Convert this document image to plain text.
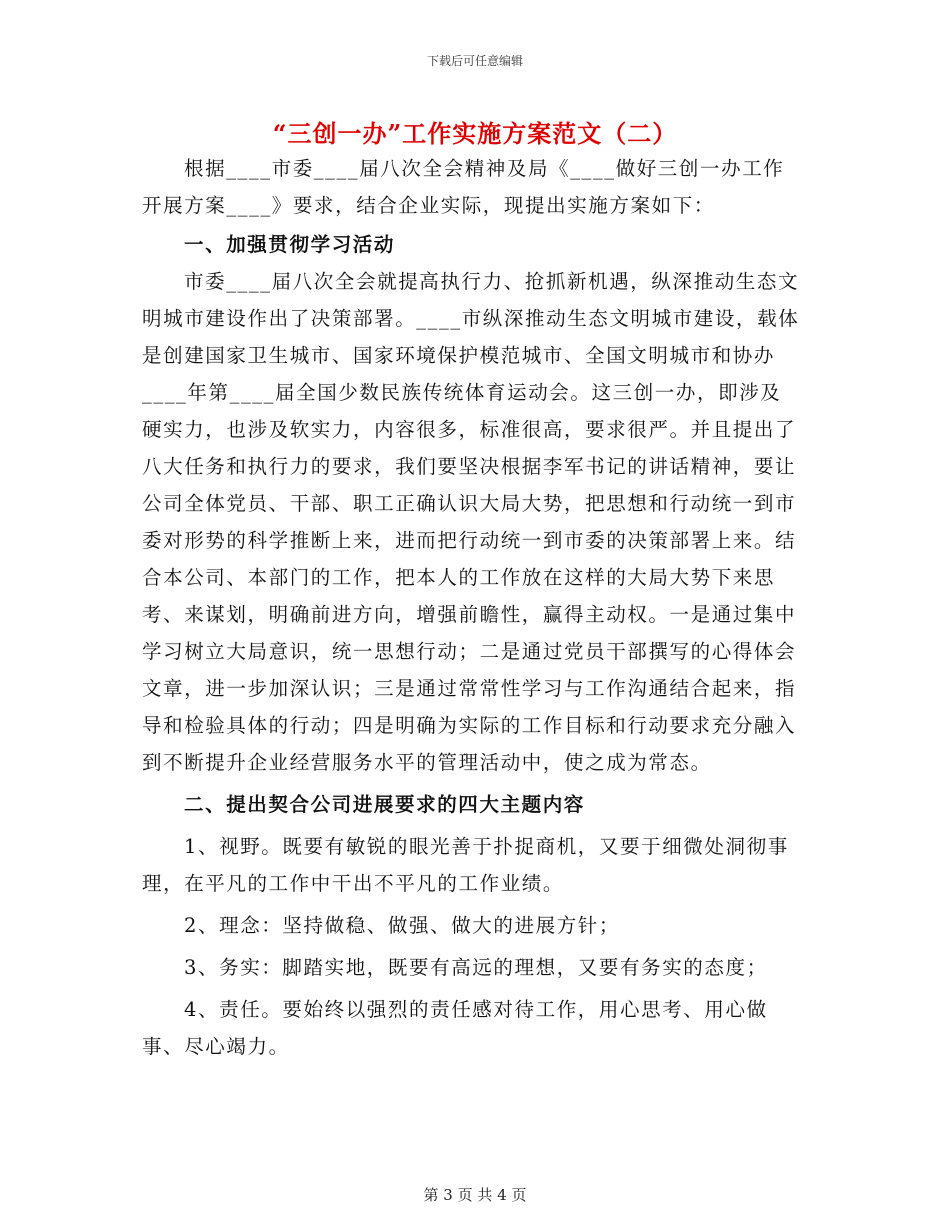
下载后可任意编辑
“三创一办”工作实施方案范文（二）

根据____市委____届八次全会精神及局《____做好三创一办工作开展方案____》要求，结合企业实际，现提出实施方案如下：

一、加强贯彻学习活动

市委____届八次全会就提高执行力、抢抓新机遇，纵深推动生态文明城市建设作出了决策部署。____市纵深推动生态文明城市建设，载体是创建国家卫生城市、国家环境保护模范城市、全国文明城市和协办____年第____届全国少数民族传统体育运动会。这三创一办，即涉及硬实力，也涉及软实力，内容很多，标准很高，要求很严。并且提出了八大任务和执行力的要求，我们要坚决根据李军书记的讲话精神，要让公司全体党员、干部、职工正确认识大局大势，把思想和行动统一到市委对形势的科学推断上来，进而把行动统一到市委的决策部署上来。结合本公司、本部门的工作，把本人的工作放在这样的大局大势下来思考、来谋划，明确前进方向，增强前瞻性，赢得主动权。一是通过集中学习树立大局意识，统一思想行动；二是通过党员干部撰写的心得体会文章，进一步加深认识；三是通过常常性学习与工作沟通结合起来，指导和检验具体的行动；四是明确为实际的工作目标和行动要求充分融入到不断提升企业经营服务水平的管理活动中，使之成为常态。

二、提出契合公司进展要求的四大主题内容

1、视野。既要有敏锐的眼光善于扑捉商机，又要于细微处洞彻事理，在平凡的工作中干出不平凡的工作业绩。

2、理念：坚持做稳、做强、做大的进展方针；

3、务实：脚踏实地，既要有高远的理想，又要有务实的态度；

4、责任。要始终以强烈的责任感对待工作，用心思考、用心做事、尽心竭力。

第 3 页 共 4 页
